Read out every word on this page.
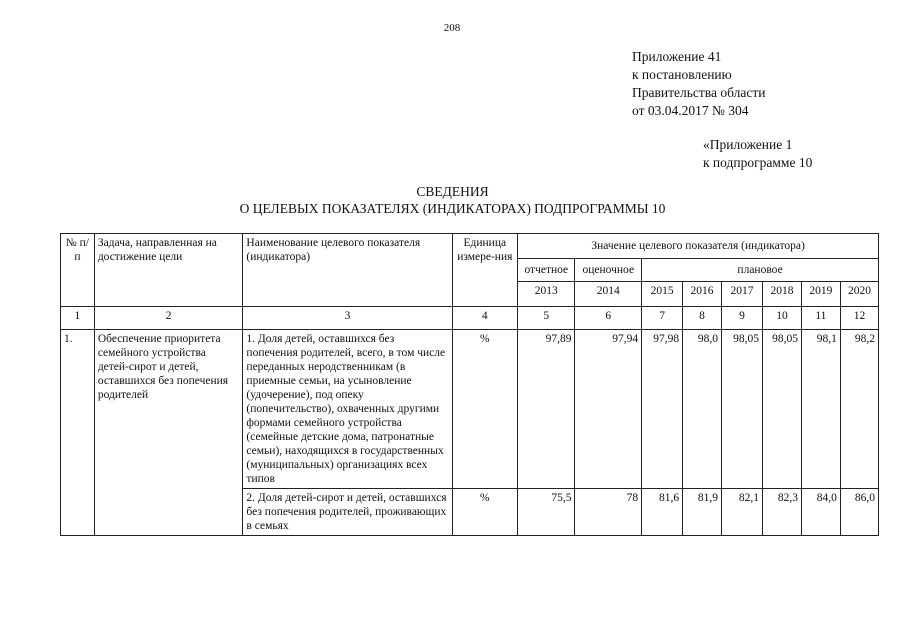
208
Приложение 41
к постановлению
Правительства области
от 03.04.2017 № 304
«Приложение 1
к подпрограмме 10
СВЕДЕНИЯ
О ЦЕЛЕВЫХ ПОКАЗАТЕЛЯХ (ИНДИКАТОРАХ) ПОДПРОГРАММЫ 10
№ п/п	Задача, направленная на достижение цели	Наименование целевого показателя (индикатора)	Единица измере-ния	Значение целевого показателя (индикатора)							
				отчетное	оценочное	плановое					
				2013	2014	2015	2016	2017	2018	2019	2020
1	2	3	4	5	6	7	8	9	10	11	12
1.	Обеспечение приоритета семейного устройства детей-сирот и детей, оставшихся без попечения родителей	1. Доля детей, оставшихся без попечения родителей, всего, в том числе переданных неродственникам (в приемные семьи, на усыновление (удочерение), под опеку (попечительство), охваченных другими формами семейного устройства (семейные детские дома, патронатные семьи), находящихся в государственных (муниципальных) организациях всех типов	%	97,89	97,94	97,98	98,0	98,05	98,05	98,1	98,2
		2. Доля детей-сирот и детей, оставшихся без попечения родителей, проживающих в семьях	%	75,5	78	81,6	81,9	82,1	82,3	84,0	86,0
